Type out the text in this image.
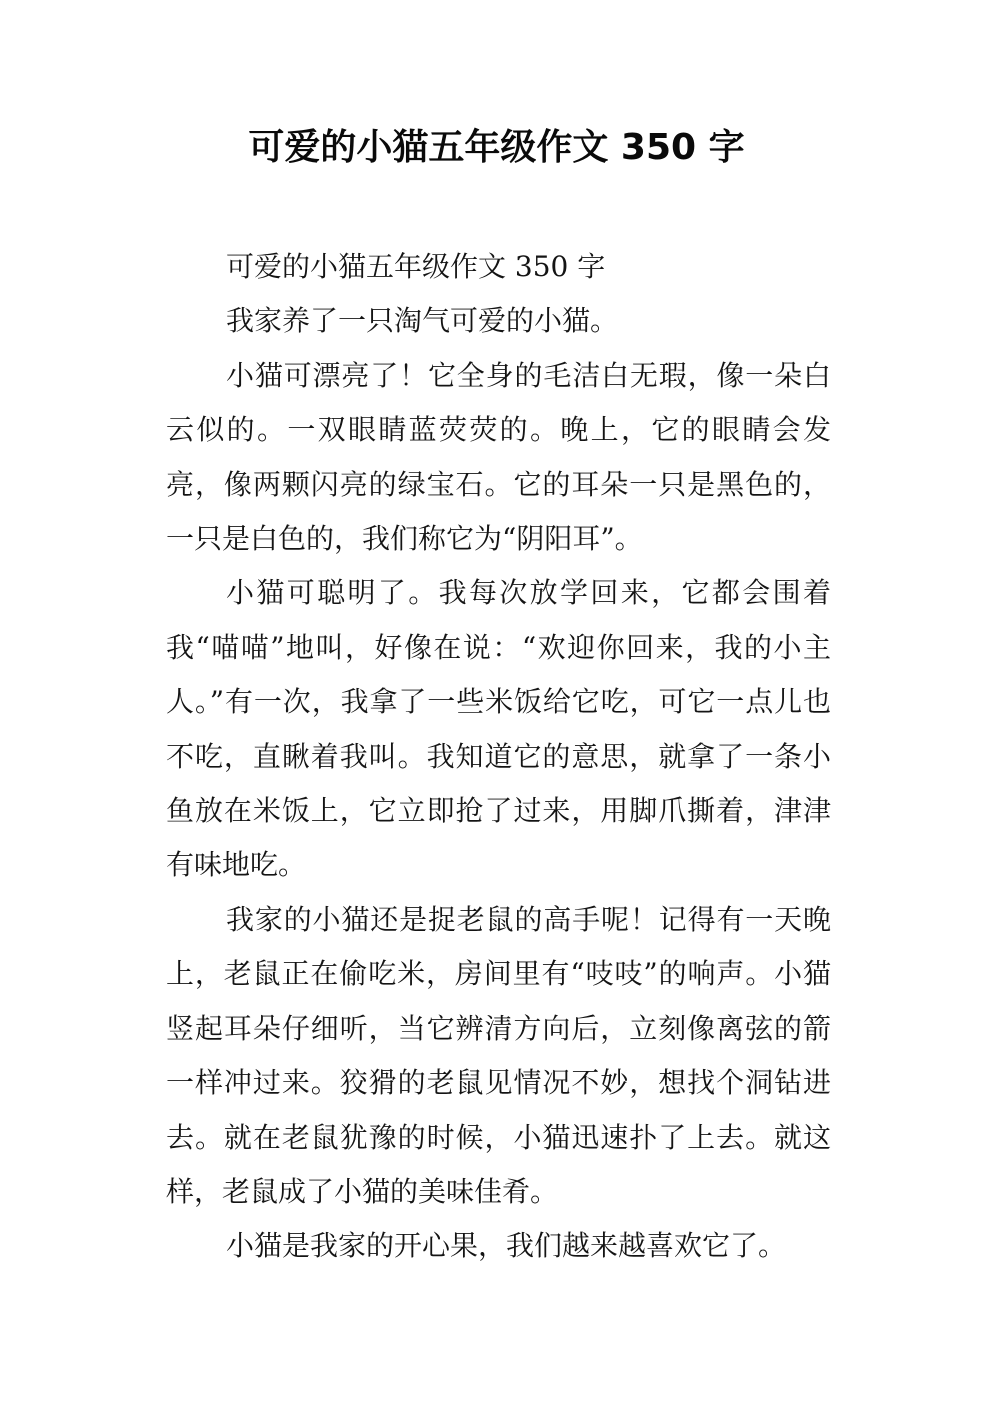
可爱的小猫五年级作文 350 字

可爱的小猫五年级作文 350 字

我家养了一只淘气可爱的小猫。

小猫可漂亮了！它全身的毛洁白无瑕，像一朵白云似的。一双眼睛蓝荧荧的。晚上，它的眼睛会发亮，像两颗闪亮的绿宝石。它的耳朵一只是黑色的，一只是白色的，我们称它为“阴阳耳”。

小猫可聪明了。我每次放学回来，它都会围着我“喵喵”地叫，好像在说：“欢迎你回来，我的小主人。”有一次，我拿了一些米饭给它吃，可它一点儿也不吃，直瞅着我叫。我知道它的意思，就拿了一条小鱼放在米饭上，它立即抢了过来，用脚爪撕着，津津有味地吃。

我家的小猫还是捉老鼠的高手呢！记得有一天晚上，老鼠正在偷吃米，房间里有“吱吱”的响声。小猫竖起耳朵仔细听，当它辨清方向后，立刻像离弦的箭一样冲过来。狡猾的老鼠见情况不妙，想找个洞钻进去。就在老鼠犹豫的时候，小猫迅速扑了上去。就这样，老鼠成了小猫的美味佳肴。

小猫是我家的开心果，我们越来越喜欢它了。
